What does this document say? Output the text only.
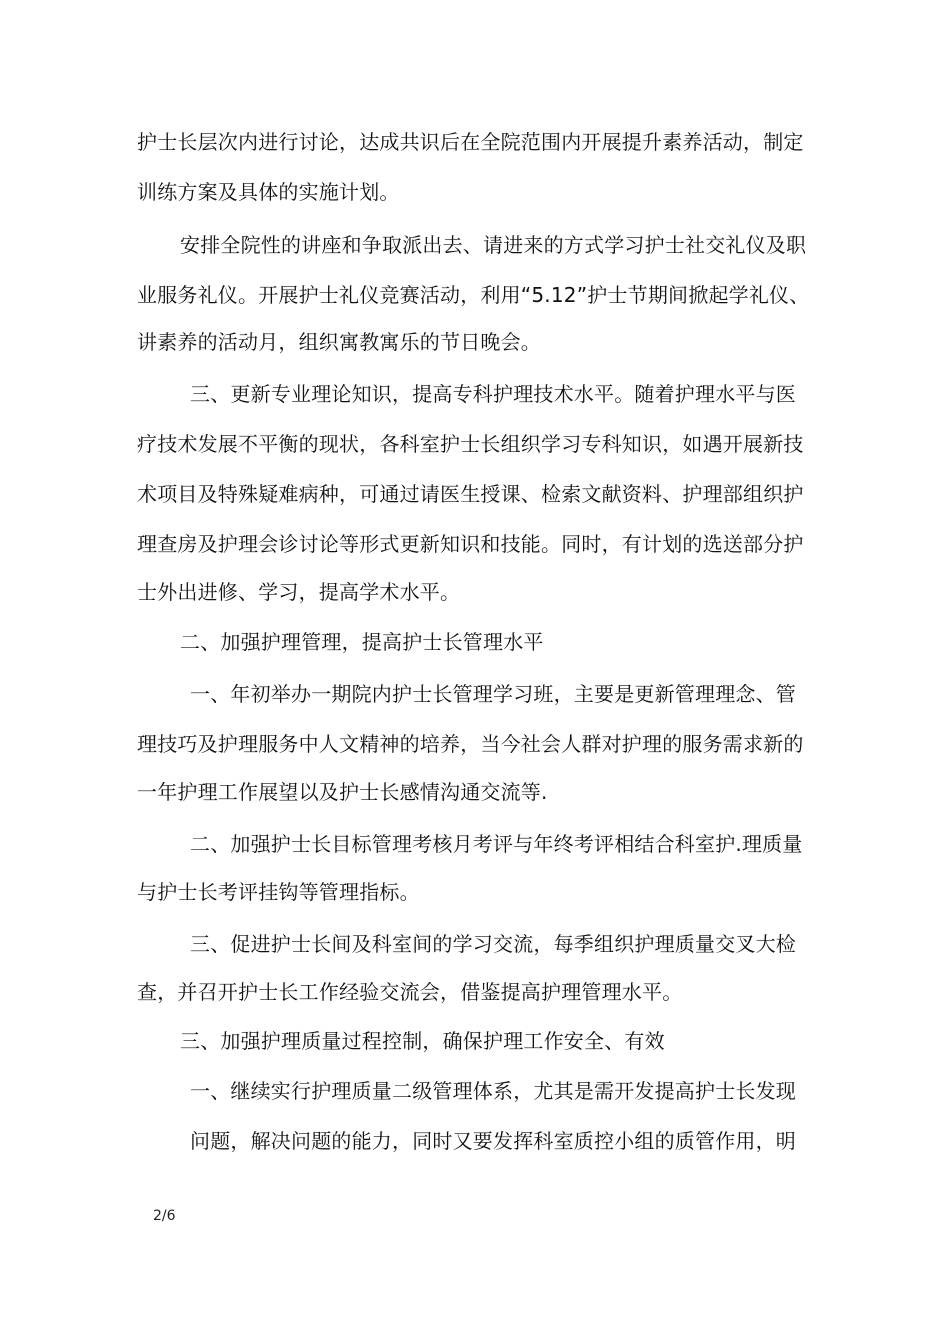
护士长层次内进行讨论，达成共识后在全院范围内开展提升素养活动，制定
训练方案及具体的实施计划。
安排全院性的讲座和争取派出去、请进来的方式学习护士社交礼仪及职
业服务礼仪。开展护士礼仪竞赛活动，利用“5.12”护士节期间掀起学礼仪、
讲素养的活动月，组织寓教寓乐的节日晚会。
三、更新专业理论知识，提高专科护理技术水平。随着护理水平与医
疗技术发展不平衡的现状，各科室护士长组织学习专科知识，如遇开展新技
术项目及特殊疑难病种，可通过请医生授课、检索文献资料、护理部组织护
理查房及护理会诊讨论等形式更新知识和技能。同时，有计划的选送部分护
士外出进修、学习，提高学术水平。
二、加强护理管理，提高护士长管理水平
一、年初举办一期院内护士长管理学习班，主要是更新管理理念、管
理技巧及护理服务中人文精神的培养，当今社会人群对护理的服务需求新的
一年护理工作展望以及护士长感情沟通交流等.
二、加强护士长目标管理考核月考评与年终考评相结合科室护.理质量
与护士长考评挂钩等管理指标。
三、促进护士长间及科室间的学习交流，每季组织护理质量交叉大检
查，并召开护士长工作经验交流会，借鉴提高护理管理水平。
三、加强护理质量过程控制，确保护理工作安全、有效
一、继续实行护理质量二级管理体系，尤其是需开发提高护士长发现
问题，解决问题的能力，同时又要发挥科室质控小组的质管作用，明
2/6
